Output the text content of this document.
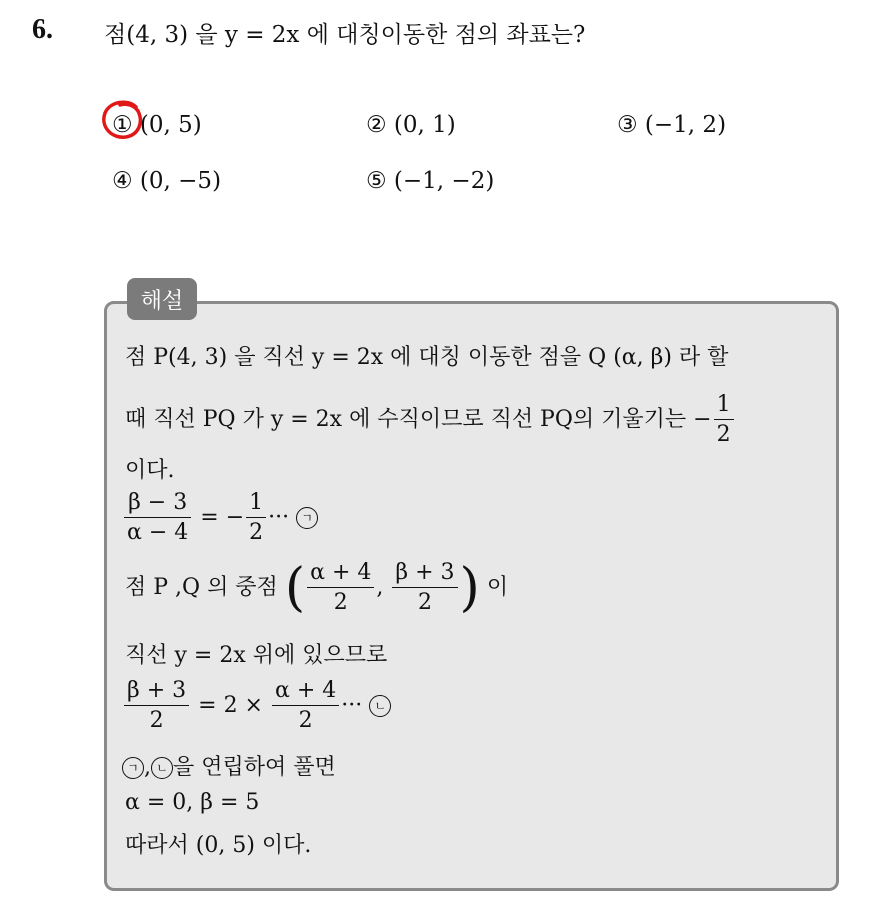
6. 점(4, 3) 을 y = 2x 에 대칭이동한 점의 좌표는?
① (0, 5)	② (0, 1)	③ (−1, 2)
④ (0, −5)	⑤ (−1, −2)
해설
점 P(4, 3) 을 직선 y = 2x 에 대칭 이동한 점을 Q (α, β) 라 할
때 직선 PQ 가 y = 2x 에 수직이므로 직선 PQ의 기울기는 − $\frac{1}{2}$
이다.
$\frac{\beta - 3}{\alpha - 4}$ = − $\frac{1}{2}$ ··· ㄱ
점 P ,Q 의 중점 ( $\frac{\alpha + 4}{2}$ , $\frac{\beta + 3}{2}$ ) 이
직선 y = 2x 위에 있으므로
$\frac{\beta + 3}{2} = 2 \times \frac{\alpha + 4}{2}$ ··· ㄴ
ㄱ , ㄴ 을 연립하여 풀면
α = 0, β = 5
따라서 (0, 5) 이다.
